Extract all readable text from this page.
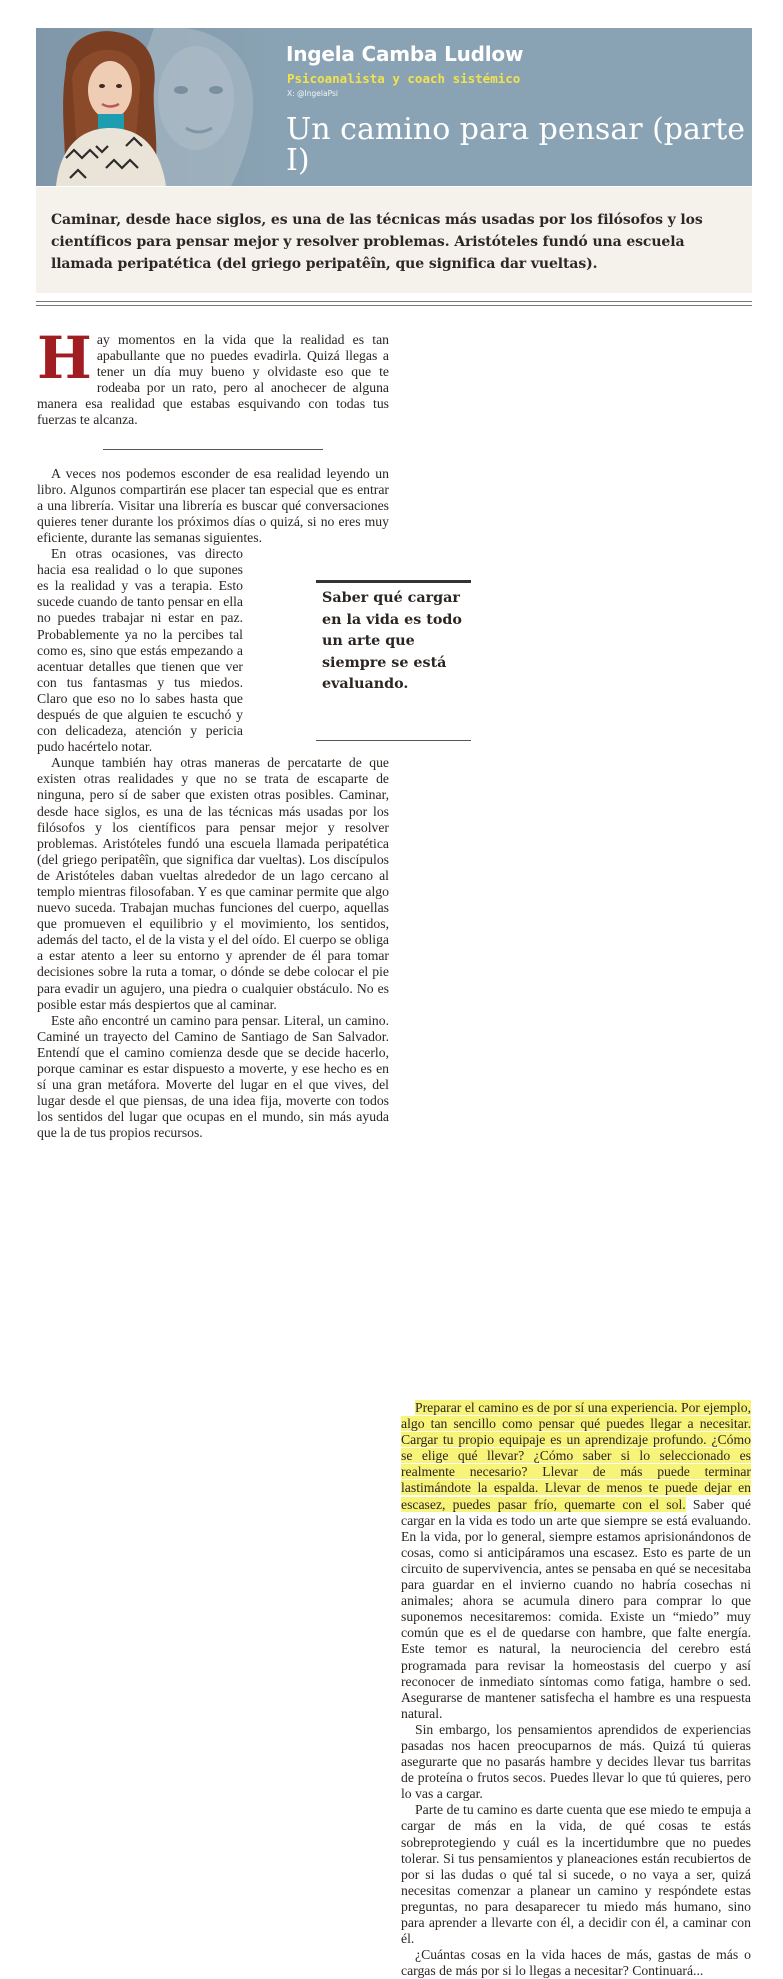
Ingela Camba Ludlow
Psicoanalista y coach sistémico
X: @IngelaPsi
Un camino para pensar (parte I)

Caminar, desde hace siglos, es una de las técnicas más usadas por los filósofos y los científicos para pensar mejor y resolver problemas. Aristóteles fundó una escuela llamada peripatética (del griego peripatêîn, que significa dar vueltas).

Hay momentos en la vida que la realidad es tan apabullante que no puedes evadirla. Quizá llegas a tener un día muy bueno y olvidaste eso que te rodeaba por un rato, pero al anochecer de alguna manera esa realidad que estabas esquivando con todas tus fuerzas te alcanza.

A veces nos podemos esconder de esa realidad leyendo un libro. Algunos compartirán ese placer tan especial que es entrar a una librería. Visitar una librería es buscar qué conversaciones quieres tener durante los próximos días o quizá, si no eres muy eficiente, durante las semanas siguientes.

En otras ocasiones, vas directo hacia esa realidad o lo que supones es la realidad y vas a terapia. Esto sucede cuando de tanto pensar en ella no puedes trabajar ni estar en paz. Probablemente ya no la percibes tal como es, sino que estás empezando a acentuar detalles que tienen que ver con tus fantasmas y tus miedos. Claro que eso no lo sabes hasta que después de que alguien te escuchó y con delicadeza, atención y pericia pudo hacértelo notar.

Aunque también hay otras maneras de percatarte de que existen otras realidades y que no se trata de escaparte de ninguna, pero sí de saber que existen otras posibles. Caminar, desde hace siglos, es una de las técnicas más usadas por los filósofos y los científicos para pensar mejor y resolver problemas. Aristóteles fundó una escuela llamada peripatética (del griego peripatêîn, que significa dar vueltas). Los discípulos de Aristóteles daban vueltas alrededor de un lago cercano al templo mientras filosofaban. Y es que caminar permite que algo nuevo suceda. Trabajan muchas funciones del cuerpo, aquellas que promueven el equilibrio y el movimiento, los sentidos, además del tacto, el de la vista y el del oído. El cuerpo se obliga a estar atento a leer su entorno y aprender de él para tomar decisiones sobre la ruta a tomar, o dónde se debe colocar el pie para evadir un agujero, una piedra o cualquier obstáculo. No es posible estar más despiertos que al caminar.

Este año encontré un camino para pensar. Literal, un camino. Caminé un trayecto del Camino de Santiago de San Salvador. Entendí que el camino comienza desde que se decide hacerlo, porque caminar es estar dispuesto a moverte, y ese hecho es en sí una gran metáfora. Moverte del lugar en el que vives, del lugar desde el que piensas, de una idea fija, moverte con todos los sentidos del lugar que ocupas en el mundo, sin más ayuda que la de tus propios recursos.

Preparar el camino es de por sí una experiencia. Por ejemplo, algo tan sencillo como pensar qué puedes llegar a necesitar. Cargar tu propio equipaje es un aprendizaje profundo. ¿Cómo se elige qué llevar? ¿Cómo saber si lo seleccionado es realmente necesario? Llevar de más puede terminar lastimándote la espalda. Llevar de menos te puede dejar en escasez, puedes pasar frío, quemarte con el sol. Saber qué cargar en la vida es todo un arte que siempre se está evaluando. En la vida, por lo general, siempre estamos aprisionándonos de cosas, como si anticipáramos una escasez. Esto es parte de un circuito de supervivencia, antes se pensaba en qué se necesitaba para guardar en el invierno cuando no habría cosechas ni animales; ahora se acumula dinero para comprar lo que suponemos necesitaremos: comida. Existe un “miedo” muy común que es el de quedarse con hambre, que falte energía. Este temor es natural, la neurociencia del cerebro está programada para revisar la homeostasis del cuerpo y así reconocer de inmediato síntomas como fatiga, hambre o sed. Asegurarse de mantener satisfecha el hambre es una respuesta natural.

Sin embargo, los pensamientos aprendidos de experiencias pasadas nos hacen preocuparnos de más. Quizá tú quieras asegurarte que no pasarás hambre y decides llevar tus barritas de proteína o frutos secos. Puedes llevar lo que tú quieres, pero lo vas a cargar.

Parte de tu camino es darte cuenta que ese miedo te empuja a cargar de más en la vida, de qué cosas te estás sobreprotegiendo y cuál es la incertidumbre que no puedes tolerar. Si tus pensamientos y planeaciones están recubiertos de por si las dudas o qué tal si sucede, o no vaya a ser, quizá necesitas comenzar a planear un camino y respóndete estas preguntas, no para desaparecer tu miedo más humano, sino para aprender a llevarte con él, a decidir con él, a caminar con él.

¿Cuántas cosas en la vida haces de más, gastas de más o cargas de más por si lo llegas a necesitar? Continuará...

Saber qué cargar en la vida es todo un arte que siempre se está evaluando.
